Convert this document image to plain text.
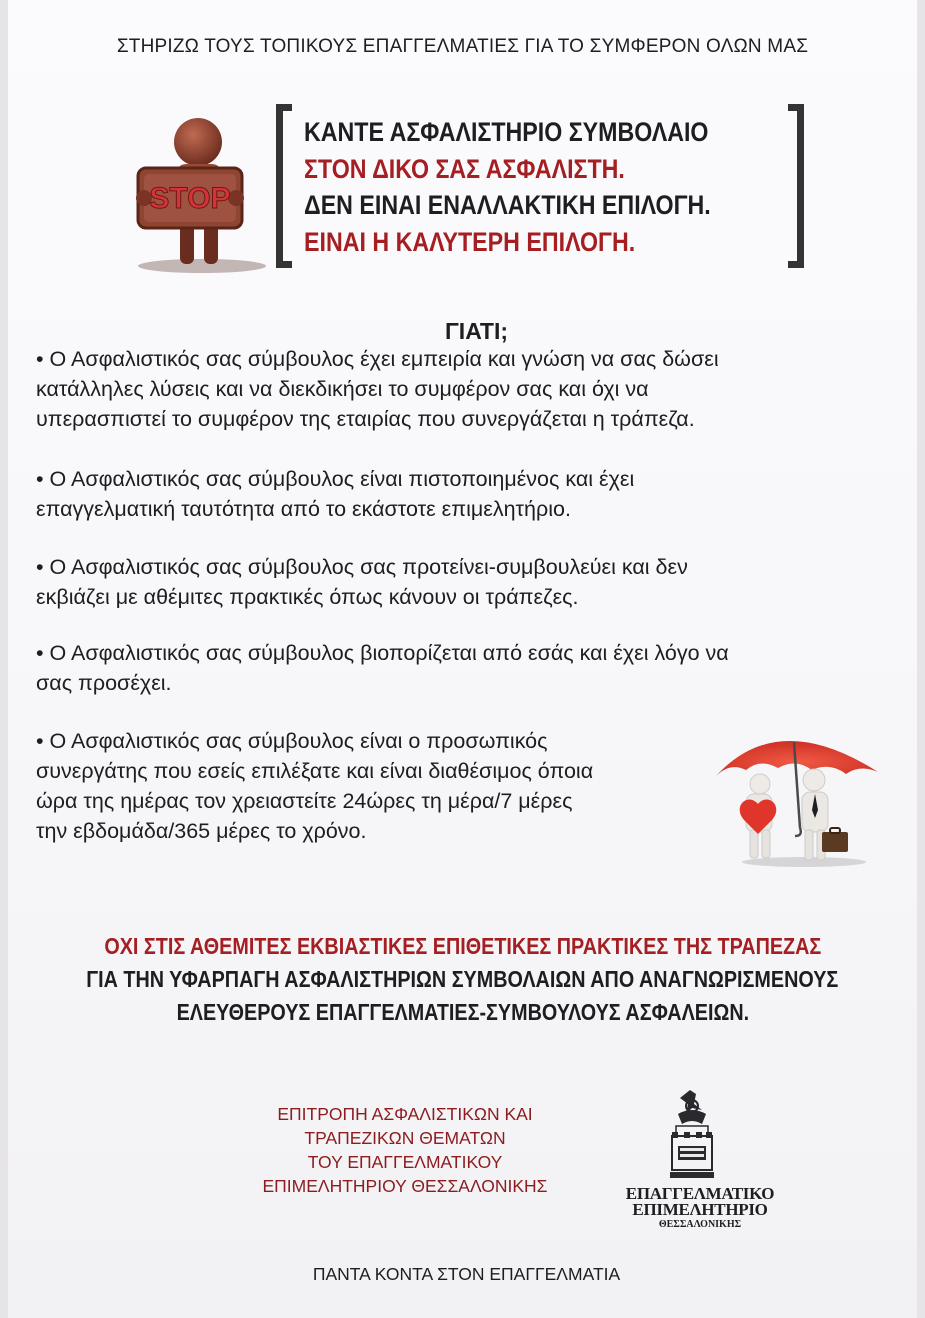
ΣΤΗΡΙΖΩ ΤΟΥΣ ΤΟΠΙΚΟΥΣ ΕΠΑΓΓΕΛΜΑΤΙΕΣ ΓΙΑ ΤΟ ΣΥΜΦΕΡΟΝ ΟΛΩΝ ΜΑΣ
STOP
ΚΑΝΤΕ ΑΣΦΑΛΙΣΤΗΡΙΟ ΣΥΜΒΟΛΑΙΟ
ΣΤΟΝ ΔΙΚΟ ΣΑΣ ΑΣΦΑΛΙΣΤΗ.
ΔΕΝ ΕΙΝΑΙ ΕΝΑΛΛΑΚΤΙΚΗ ΕΠΙΛΟΓΗ.
ΕΙΝΑΙ Η ΚΑΛΥΤΕΡΗ ΕΠΙΛΟΓΗ.
ΓΙΑΤΙ;
• Ο Ασφαλιστικός σας σύμβουλος έχει εμπειρία και γνώση να σας δώσει
κατάλληλες λύσεις και να διεκδικήσει το συμφέρον σας και όχι να
υπερασπιστεί το συμφέρον της εταιρίας που συνεργάζεται η τράπεζα.
• Ο Ασφαλιστικός σας σύμβουλος είναι πιστοποιημένος και έχει
επαγγελματική ταυτότητα από το εκάστοτε επιμελητήριο.
• Ο Ασφαλιστικός σας σύμβουλος σας προτείνει-συμβουλεύει και δεν
εκβιάζει με αθέμιτες πρακτικές όπως κάνουν οι τράπεζες.
• Ο Ασφαλιστικός σας σύμβουλος βιοπορίζεται από εσάς και έχει λόγο να
σας προσέχει.
• Ο Ασφαλιστικός σας σύμβουλος είναι ο προσωπικός
συνεργάτης που εσείς επιλέξατε και είναι διαθέσιμος όποια
ώρα της ημέρας τον χρειαστείτε 24ώρες τη μέρα/7 μέρες
την εβδομάδα/365 μέρες το χρόνο.
ΟΧΙ ΣΤΙΣ ΑΘΕΜΙΤΕΣ ΕΚΒΙΑΣΤΙΚΕΣ ΕΠΙΘΕΤΙΚΕΣ ΠΡΑΚΤΙΚΕΣ ΤΗΣ ΤΡΑΠΕΖΑΣ
ΓΙΑ ΤΗΝ ΥΦΑΡΠΑΓΗ ΑΣΦΑΛΙΣΤΗΡΙΩΝ ΣΥΜΒΟΛΑΙΩΝ ΑΠΟ ΑΝΑΓΝΩΡΙΣΜΕΝΟΥΣ
ΕΛΕΥΘΕΡΟΥΣ ΕΠΑΓΓΕΛΜΑΤΙΕΣ-ΣΥΜΒΟΥΛΟΥΣ ΑΣΦΑΛΕΙΩΝ.
ΕΠΙΤΡΟΠΗ ΑΣΦΑΛΙΣΤΙΚΩΝ ΚΑΙ
ΤΡΑΠΕΖΙΚΩΝ ΘΕΜΑΤΩΝ
ΤΟΥ ΕΠΑΓΓΕΛΜΑΤΙΚΟΥ
ΕΠΙΜΕΛΗΤΗΡΙΟΥ ΘΕΣΣΑΛΟΝΙΚΗΣ	ΕΠΑΓΓΕΛΜΑΤΙΚΟ
ΕΠΙΜΕΛΗΤΗΡΙΟ
ΘΕΣΣΑΛΟΝΙΚΗΣ
ΠΑΝΤΑ ΚΟΝΤΑ ΣΤΟΝ ΕΠΑΓΓΕΛΜΑΤΙΑ
